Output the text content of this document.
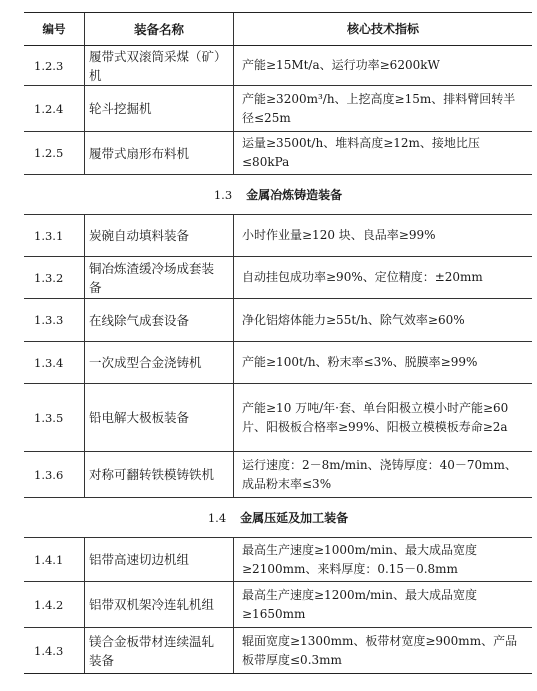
编号	装备名称	核心技术指标
1.2.3	履带式双滚筒采煤（矿）机	产能≥15Mt/a、运行功率≥6200kW
1.2.4	轮斗挖掘机	产能≥3200m³/h、上挖高度≥15m、排料臂回转半径≤25m
1.2.5	履带式扇形布料机	运量≥3500t/h、堆料高度≥12m、接地比压≤80kPa
1.3 金属冶炼铸造装备		
1.3.1	炭碗自动填料装备	小时作业量≥120 块、良品率≥99%
1.3.2	铜冶炼渣缓冷场成套装备	自动挂包成功率≥90%、定位精度：±20mm
1.3.3	在线除气成套设备	净化铝熔体能力≥55t/h、除气效率≥60%
1.3.4	一次成型合金浇铸机	产能≥100t/h、粉末率≤3%、脱膜率≥99%
1.3.5	铅电解大极板装备	产能≥10 万吨/年·套、单台阳极立模小时产能≥60 片、阳极板合格率≥99%、阳极立模模板寿命≥2a
1.3.6	对称可翻转铁模铸铁机	运行速度：2－8m/min、浇铸厚度：40－70mm、成品粉末率≤3%
1.4 金属压延及加工装备		
1.4.1	铝带高速切边机组	最高生产速度≥1000m/min、最大成品宽度≥2100mm、来料厚度：0.15－0.8mm
1.4.2	铝带双机架冷连轧机组	最高生产速度≥1200m/min、最大成品宽度≥1650mm
1.4.3	镁合金板带材连续温轧装备	辊面宽度≥1300mm、板带材宽度≥900mm、产品板带厚度≤0.3mm
